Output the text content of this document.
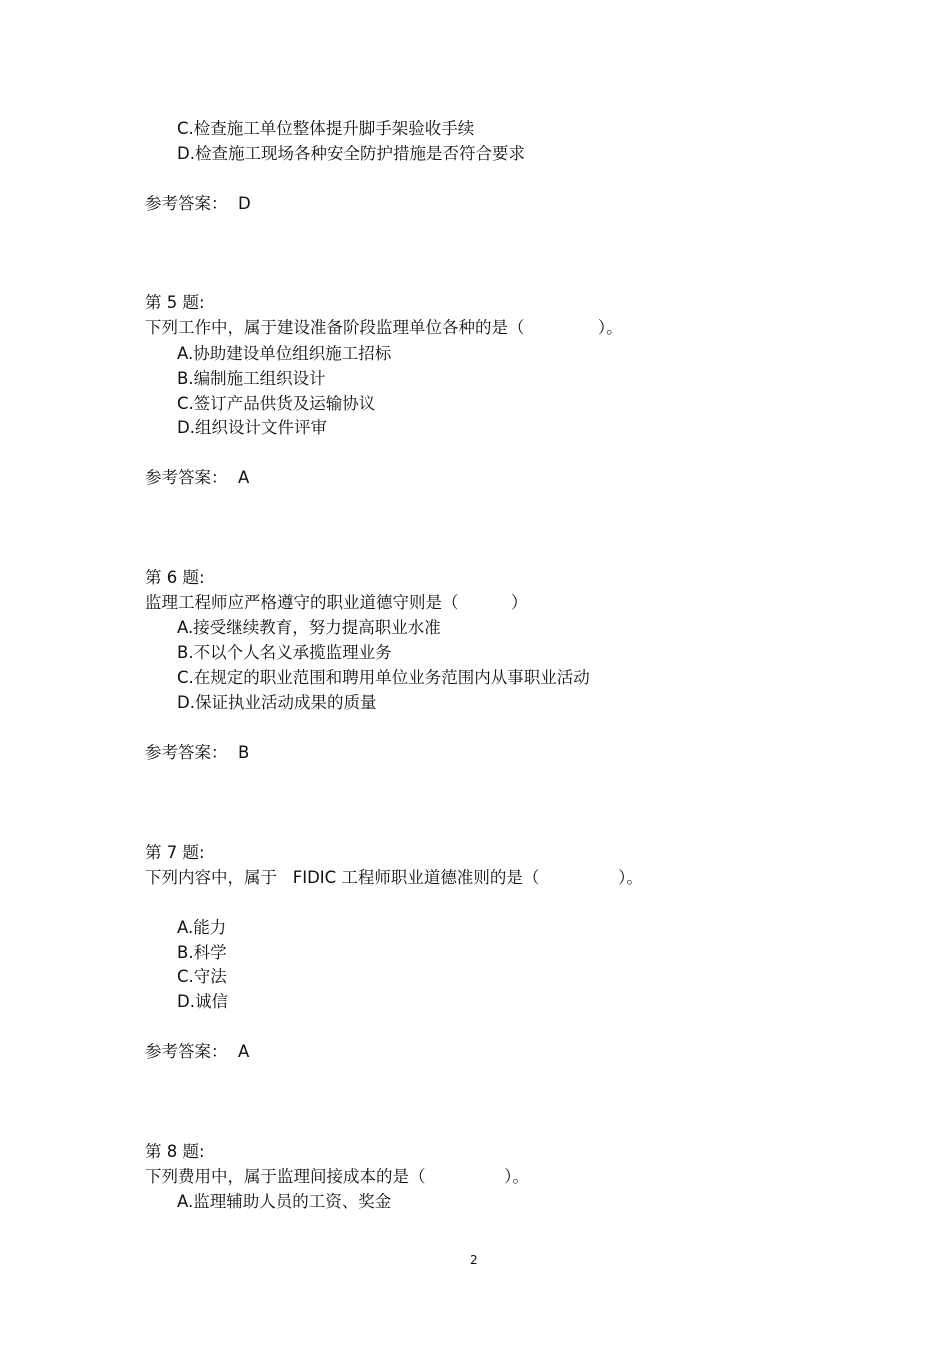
C.检查施工单位整体提升脚手架验收手续
D.检查施工现场各种安全防护措施是否符合要求
参考答案：  D
第 5 题:
下列工作中，属于建设准备阶段监理单位各种的是（              ）。
A.协助建设单位组织施工招标
B.编制施工组织设计
C.签订产品供货及运输协议
D.组织设计文件评审
参考答案：  A
第 6 题:
监理工程师应严格遵守的职业道德守则是（          ）
A.接受继续教育，努力提高职业水准
B.不以个人名义承揽监理业务
C.在规定的职业范围和聘用单位业务范围内从事职业活动
D.保证执业活动成果的质量
参考答案：  B
第 7 题:
下列内容中，属于   FIDIC 工程师职业道德准则的是（               ）。
A.能力
B.科学
C.守法
D.诚信
参考答案：  A
第 8 题:
下列费用中，属于监理间接成本的是（               ）。
A.监理辅助人员的工资、奖金
2
